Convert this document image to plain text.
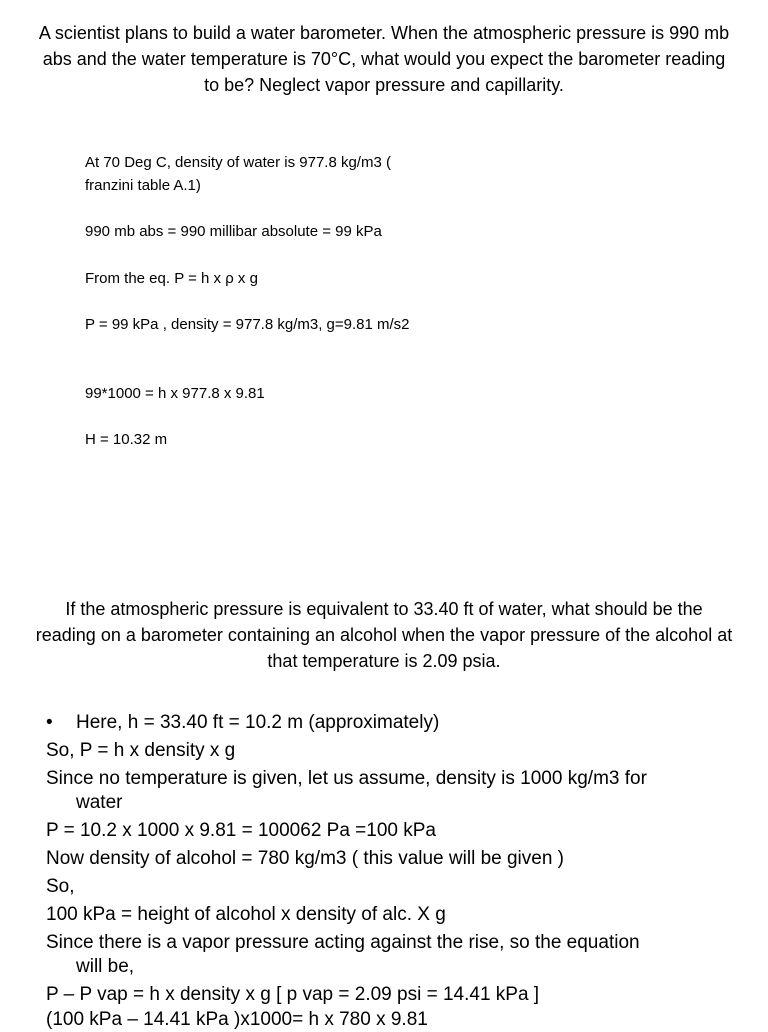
A scientist plans to build a water barometer. When the atmospheric pressure is 990 mb abs and the water temperature is 70°C, what would you expect the barometer reading to be? Neglect vapor pressure and capillarity.
At 70 Deg C, density of water is 977.8 kg/m3 (
franzini table A.1)
990 mb abs = 990 millibar absolute = 99 kPa
From the eq. P = h x ρ x g
P = 99 kPa , density = 977.8 kg/m3, g=9.81 m/s2
99*1000 = h x 977.8 x 9.81
H = 10.32 m
If the atmospheric pressure is equivalent to 33.40 ft of water, what should be the reading on a barometer containing an alcohol when the vapor pressure of the alcohol at that temperature is 2.09 psia.
• Here, h = 33.40 ft = 10.2 m (approximately)
So, P = h x density x g
Since no temperature is given, let us assume, density is 1000 kg/m3 for
water
P = 10.2 x 1000 x 9.81 = 100062 Pa =100 kPa
Now density of alcohol = 780 kg/m3 ( this value will be given )
So,
100 kPa = height of alcohol x density of alc. X g
Since there is a vapor pressure acting against the rise, so the equation
will be,
P – P vap = h x density x g [ p vap = 2.09 psi = 14.41 kPa ]
(100 kPa – 14.41 kPa )x1000= h x 780 x 9.81
